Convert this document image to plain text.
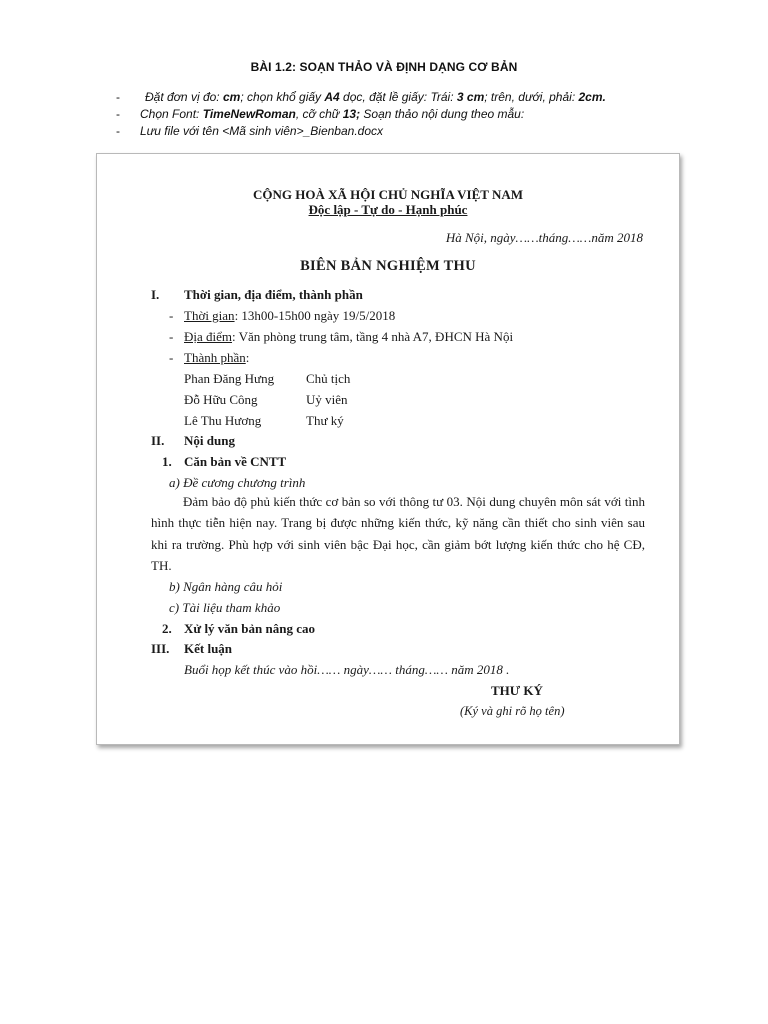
BÀI 1.2: SOẠN THẢO VÀ ĐỊNH DẠNG CƠ BẢN
- Đặt đơn vị đo: cm; chọn khổ giấy A4 dọc, đặt lề giấy: Trái: 3 cm; trên, dưới, phải: 2cm.
- Chọn Font: TimeNewRoman, cỡ chữ 13; Soạn thảo nội dung theo mẫu:
- Lưu file với tên <Mã sinh viên>_Bienban.docx
CỘNG HOÀ XÃ HỘI CHỦ NGHĨA VIỆT NAM
Độc lập - Tự do - Hạnh phúc
Hà Nội, ngày……tháng……năm 2018
BIÊN BẢN NGHIỆM THU
I. Thời gian, địa điểm, thành phần
- Thời gian: 13h00-15h00 ngày 19/5/2018
- Địa điểm: Văn phòng trung tâm, tầng 4 nhà A7, ĐHCN Hà Nội
- Thành phần:
Phan Đăng Hưng Chủ tịch
Đỗ Hữu Công	Uỷ viên
Lê Thu Hương	Thư ký
II. Nội dung
1. Căn bản về CNTT
a) Đề cương chương trình
Đảm bảo độ phủ kiến thức cơ bản so với thông tư 03. Nội dung chuyên môn sát với tình hình thực tiễn hiện nay. Trang bị được những kiến thức, kỹ năng cần thiết cho sinh viên sau khi ra trường. Phù hợp với sinh viên bậc Đại học, cần giảm bớt lượng kiến thức cho hệ CĐ, TH.
b) Ngân hàng câu hỏi
c) Tài liệu tham khảo
2. Xử lý văn bản nâng cao
III. Kết luận
Buổi họp kết thúc vào hồi…… ngày…… tháng…… năm 2018 .
THƯ KÝ
(Ký và ghi rõ họ tên)
